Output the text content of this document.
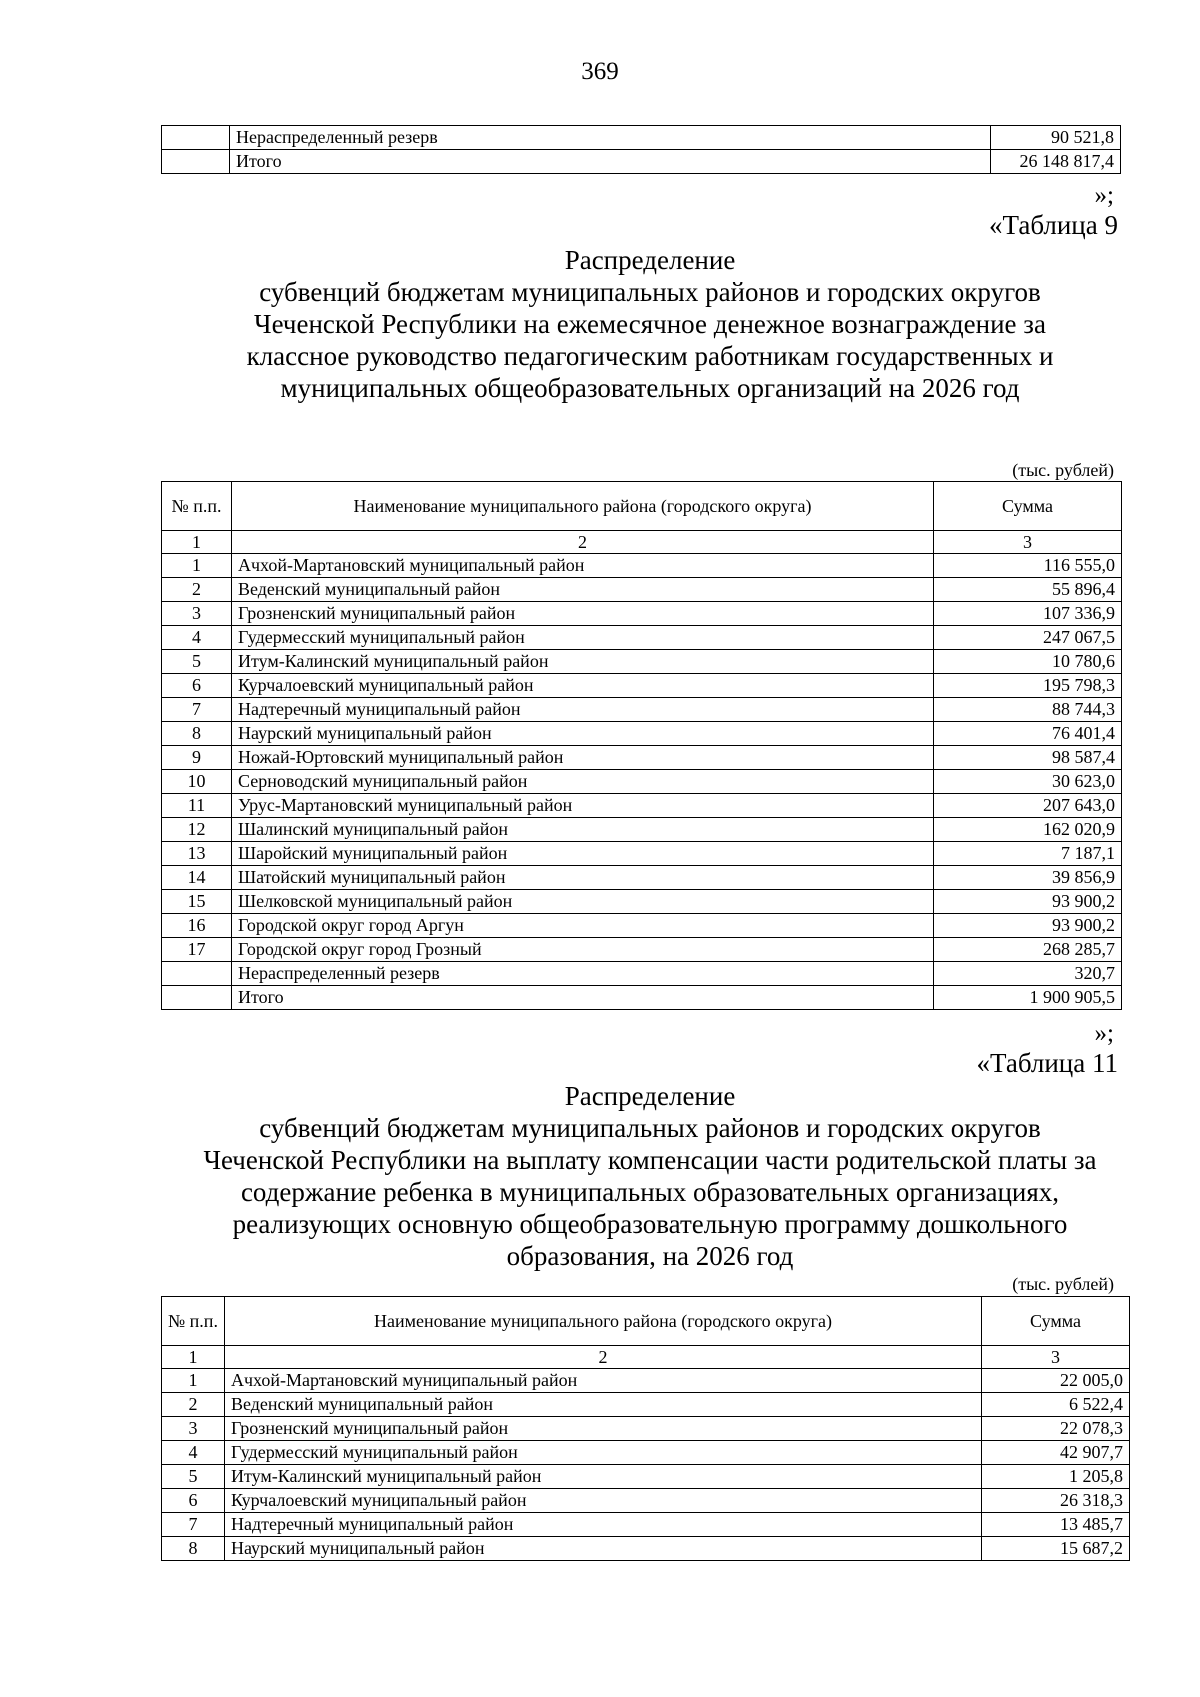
369
	Нераспределенный резерв	90 521,8
	Итого	26 148 817,4
»;
«Таблица 9
Распределение
субвенций бюджетам муниципальных районов и городских округов
Чеченской Республики на ежемесячное денежное вознаграждение за
классное руководство педагогическим работникам государственных и
муниципальных общеобразовательных организаций на 2026 год
(тыс. рублей)
№ п.п.	Наименование муниципального района (городского округа)	Сумма
1	2	3
1	Ачхой-Мартановский муниципальный район	116 555,0
2	Веденский муниципальный район	55 896,4
3	Грозненский муниципальный район	107 336,9
4	Гудермесский муниципальный район	247 067,5
5	Итум-Калинский муниципальный район	10 780,6
6	Курчалоевский муниципальный район	195 798,3
7	Надтеречный муниципальный район	88 744,3
8	Наурский муниципальный район	76 401,4
9	Ножай-Юртовский муниципальный район	98 587,4
10	Серноводский муниципальный район	30 623,0
11	Урус-Мартановский муниципальный район	207 643,0
12	Шалинский муниципальный район	162 020,9
13	Шаройский муниципальный район	7 187,1
14	Шатойский муниципальный район	39 856,9
15	Шелковской муниципальный район	93 900,2
16	Городской округ город Аргун	93 900,2
17	Городской округ город Грозный	268 285,7
	Нераспределенный резерв	320,7
	Итого	1 900 905,5
»;
«Таблица 11
Распределение
субвенций бюджетам муниципальных районов и городских округов
Чеченской Республики на выплату компенсации части родительской платы за
содержание ребенка в муниципальных образовательных организациях,
реализующих основную общеобразовательную программу дошкольного
образования, на 2026 год
(тыс. рублей)
№ п.п.	Наименование муниципального района (городского округа)	Сумма
1	2	3
1	Ачхой-Мартановский муниципальный район	22 005,0
2	Веденский муниципальный район	6 522,4
3	Грозненский муниципальный район	22 078,3
4	Гудермесский муниципальный район	42 907,7
5	Итум-Калинский муниципальный район	1 205,8
6	Курчалоевский муниципальный район	26 318,3
7	Надтеречный муниципальный район	13 485,7
8	Наурский муниципальный район	15 687,2
